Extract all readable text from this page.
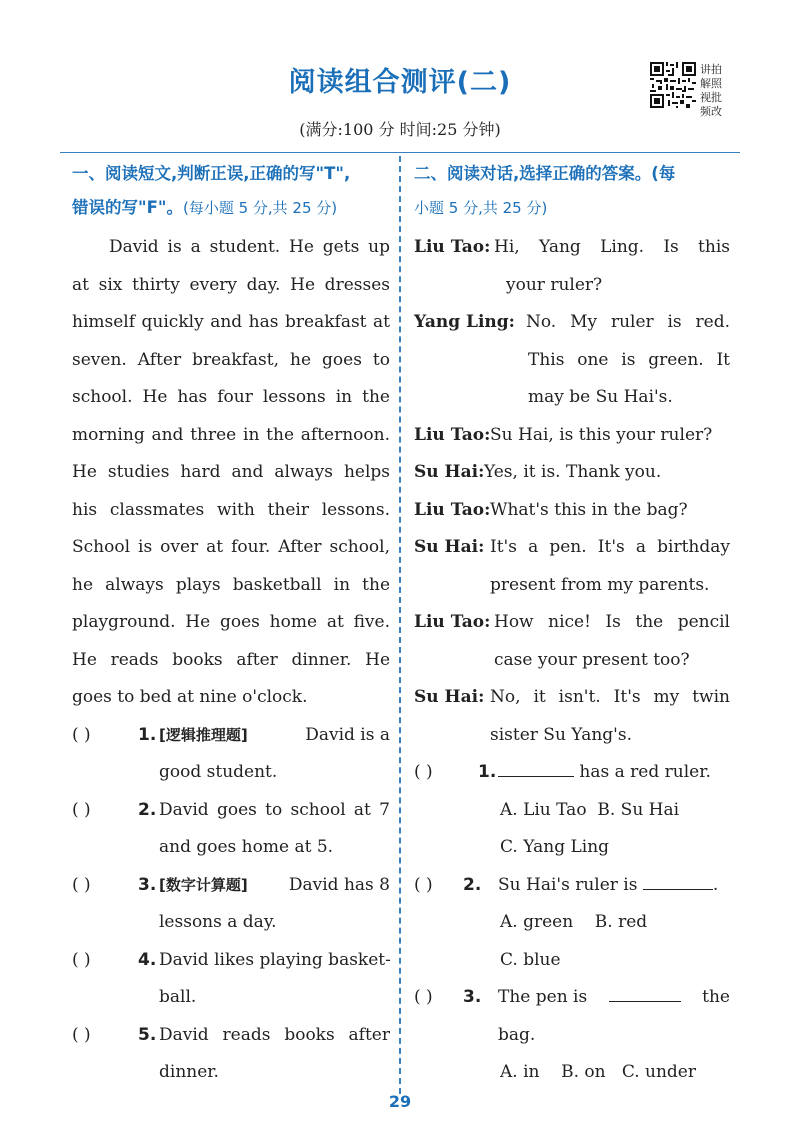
阅读组合测评(二)
(满分:100 分 时间:25 分钟)
讲拍
解照
视批
频改
一、阅读短文,判断正误,正确的写"T",
错误的写"F"。(每小题 5 分,共 25 分)
David is a student. He gets up
at six thirty every day. He dresses
himself quickly and has breakfast at
seven. After breakfast, he goes to
school. He has four lessons in the
morning and three in the afternoon.
He studies hard and always helps
his classmates with their lessons.
School is over at four. After school,
he always plays basketball in the
playground. He goes home at five.
He reads books after dinner. He
goes to bed at nine o'clock.
( )	1. [逻辑推理题]	David is a
good student.
( )	2. David goes to school at 7
and goes home at 5.
( )	3. [数字计算题] David has 8
lessons a day.
( )	4. David likes playing basket-
ball.
( )	5. David reads books after
dinner.
二、阅读对话,选择正确的答案。(每
小题 5 分,共 25 分)
Liu Tao: Hi, Yang Ling. Is this
your ruler?
Yang Ling: No. My ruler is red.
This one is green. It
may be Su Hai's.
Liu Tao: Su Hai, is this your ruler?
Su Hai: Yes, it is. Thank you.
Liu Tao: What's this in the bag?
Su Hai: It's a pen. It's a birthday
present from my parents.
Liu Tao: How nice! Is the pencil
case your present too?
Su Hai: No, it isn't. It's my twin
sister Su Yang's.
( )	1.	has a red ruler.
A. Liu Tao B. Su Hai
C. Yang Ling
( ) 2. Su Hai's ruler is	.
A. green B. red
C. blue
( ) 3. The pen is	the
bag.
A. in B. on C. under
29
